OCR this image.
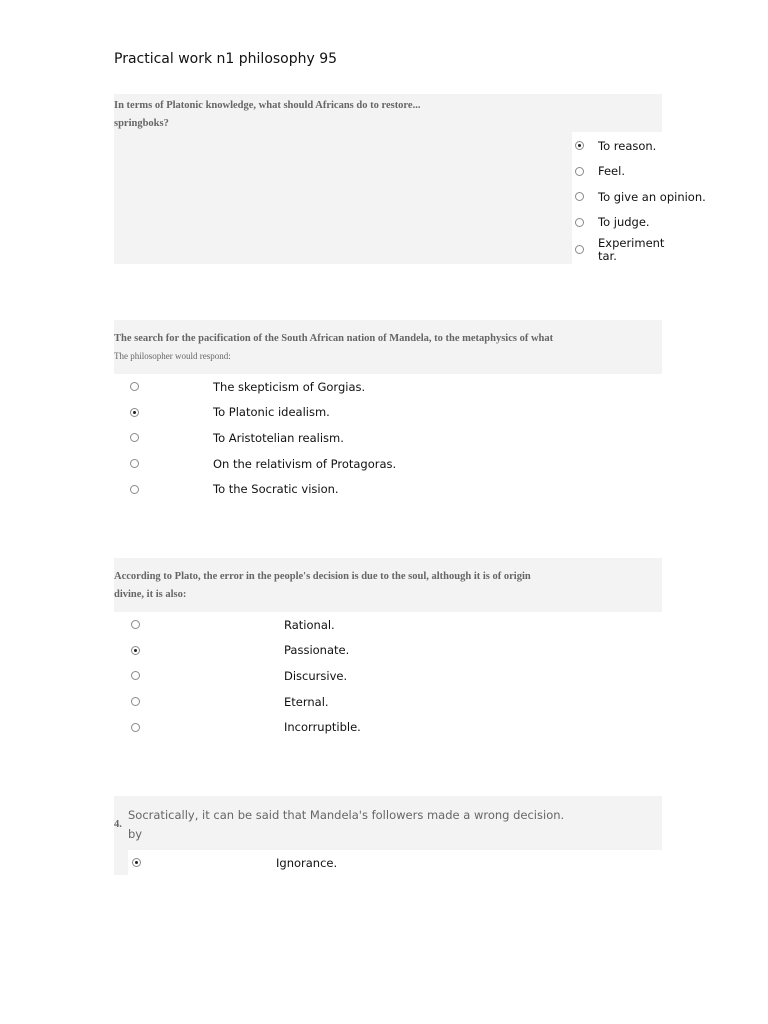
Practical work n1 philosophy 95
In terms of Platonic knowledge, what should Africans do to restore...
springboks?
To reason.
Feel.
To give an opinion.
To judge.
Experiment
tar.
The search for the pacification of the South African nation of Mandela, to the metaphysics of what
The philosopher would respond:
The skepticism of Gorgias.
To Platonic idealism.
To Aristotelian realism.
On the relativism of Protagoras.
To the Socratic vision.
According to Plato, the error in the people's decision is due to the soul, although it is of origin
divine, it is also:
Rational.
Passionate.
Discursive.
Eternal.
Incorruptible.
4.
Socratically, it can be said that Mandela's followers made a wrong decision.
by
Ignorance.
